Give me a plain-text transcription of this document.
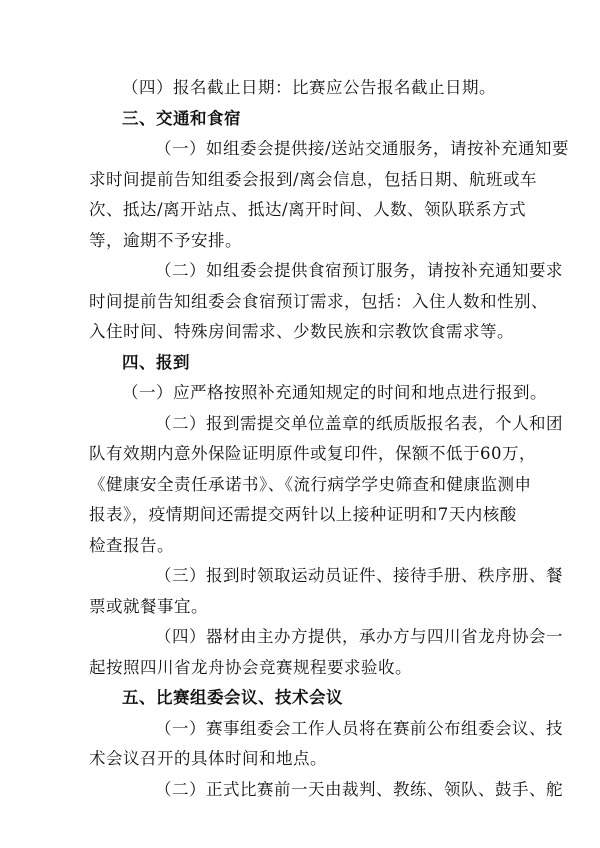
（四）报名截止日期：比赛应公告报名截止日期。

三、交通和食宿

（一）如组委会提供接/送站交通服务，请按补充通知要
求时间提前告知组委会报到/离会信息，包括日期、航班或车
次、抵达/离开站点、抵达/离开时间、人数、领队联系方式
等，逾期不予安排。
（二）如组委会提供食宿预订服务，请按补充通知要求
时间提前告知组委会食宿预订需求，包括：入住人数和性别、
入住时间、特殊房间需求、少数民族和宗教饮食需求等。

四、报到

（一）应严格按照补充通知规定的时间和地点进行报到。

（二）报到需提交单位盖章的纸质版报名表，个人和团
队有效期内意外保险证明原件或复印件，保额不低于60万，
《健康安全责任承诺书》、《流行病学学史筛查和健康监测申
报表》，疫情期间还需提交两针以上接种证明和7天内核酸
检查报告。
（三）报到时领取运动员证件、接待手册、秩序册、餐
票或就餐事宜。
（四）器材由主办方提供，承办方与四川省龙舟协会一
起按照四川省龙舟协会竞赛规程要求验收。

五、比赛组委会议、技术会议

（一）赛事组委会工作人员将在赛前公布组委会议、技
术会议召开的具体时间和地点。
（二）正式比赛前一天由裁判、教练、领队、鼓手、舵
